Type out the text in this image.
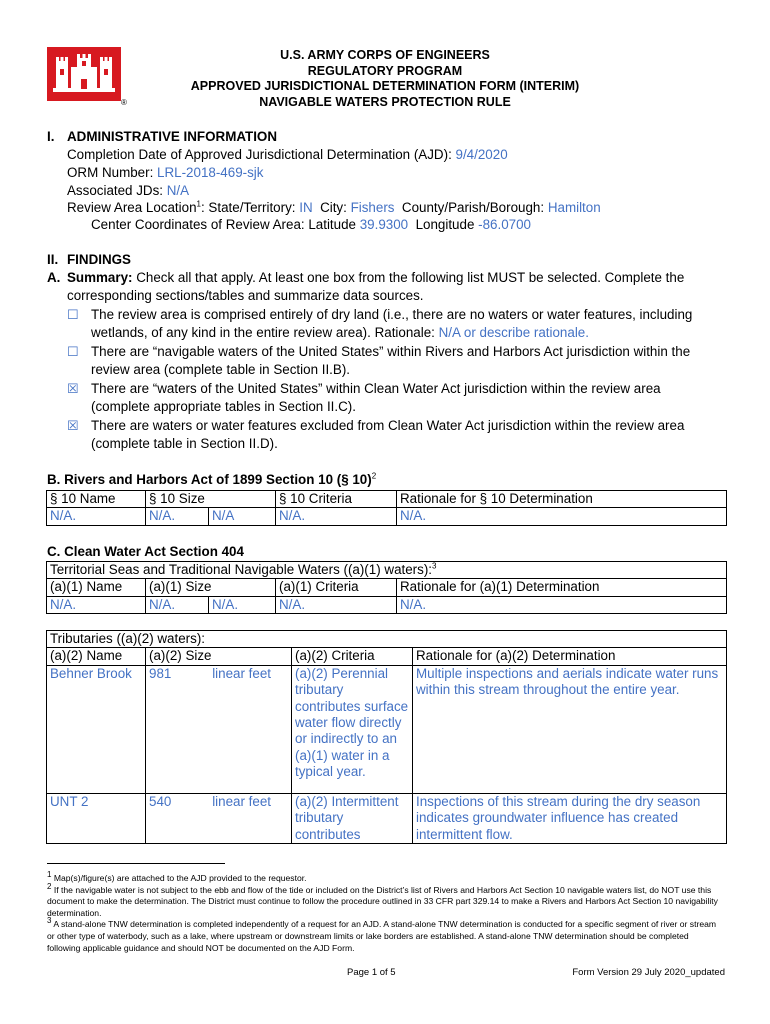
®
U.S. ARMY CORPS OF ENGINEERS
REGULATORY PROGRAM
APPROVED JURISDICTIONAL DETERMINATION FORM (INTERIM)
NAVIGABLE WATERS PROTECTION RULE
I. ADMINISTRATIVE INFORMATION
Completion Date of Approved Jurisdictional Determination (AJD): 9/4/2020
ORM Number: LRL-2018-469-sjk
Associated JDs: N/A
Review Area Location$^1$: State/Territory: IN  City: Fishers  County/Parish/Borough: Hamilton
Center Coordinates of Review Area: Latitude 39.9300  Longitude -86.0700
II. FINDINGS
A. Summary: Check all that apply. At least one box from the following list MUST be selected. Complete the
corresponding sections/tables and summarize data sources.
☐ The review area is comprised entirely of dry land (i.e., there are no waters or water features, including
wetlands, of any kind in the entire review area). Rationale: N/A or describe rationale.
☐ There are “navigable waters of the United States” within Rivers and Harbors Act jurisdiction within the
review area (complete table in Section II.B).
☒ There are “waters of the United States” within Clean Water Act jurisdiction within the review area
(complete appropriate tables in Section II.C).
☒ There are waters or water features excluded from Clean Water Act jurisdiction within the review area
(complete table in Section II.D).
B. Rivers and Harbors Act of 1899 Section 10 (§ 10)$^2$
§ 10 Name	§ 10 Size		§ 10 Criteria	Rationale for § 10 Determination
N/A.	N/A.	N/A	N/A.	N/A.
C. Clean Water Act Section 404
Territorial Seas and Traditional Navigable Waters ((a)(1) waters):$^3$
(a)(1) Name	(a)(1) Size		(a)(1) Criteria	Rationale for (a)(1) Determination
N/A.	N/A.	N/A.	N/A.	N/A.
Tributaries ((a)(2) waters):				
(a)(2) Name	(a)(2) Size		(a)(2) Criteria	Rationale for (a)(2) Determination
Behner Brook	981	linear feet	(a)(2) Perennial tributary contributes surface water flow directly or indirectly to an (a)(1) water in a typical year.	Multiple inspections and aerials indicate water runs within this stream throughout the entire year.
UNT 2	540	linear feet	(a)(2) Intermittent tributary contributes	Inspections of this stream during the dry season indicates groundwater influence has created intermittent flow.
$^1$ Map(s)/figure(s) are attached to the AJD provided to the requestor.
$^2$ If the navigable water is not subject to the ebb and flow of the tide or included on the District’s list of Rivers and Harbors Act Section 10 navigable waters list, do NOT use this document to make the determination. The District must continue to follow the procedure outlined in 33 CFR part 329.14 to make a Rivers and Harbors Act Section 10 navigability determination.
$^3$ A stand-alone TNW determination is completed independently of a request for an AJD. A stand-alone TNW determination is conducted for a specific segment of river or stream or other type of waterbody, such as a lake, where upstream or downstream limits or lake borders are established. A stand-alone TNW determination should be completed following applicable guidance and should NOT be documented on the AJD Form.
Page 1 of 5	Form Version 29 July 2020_updated
